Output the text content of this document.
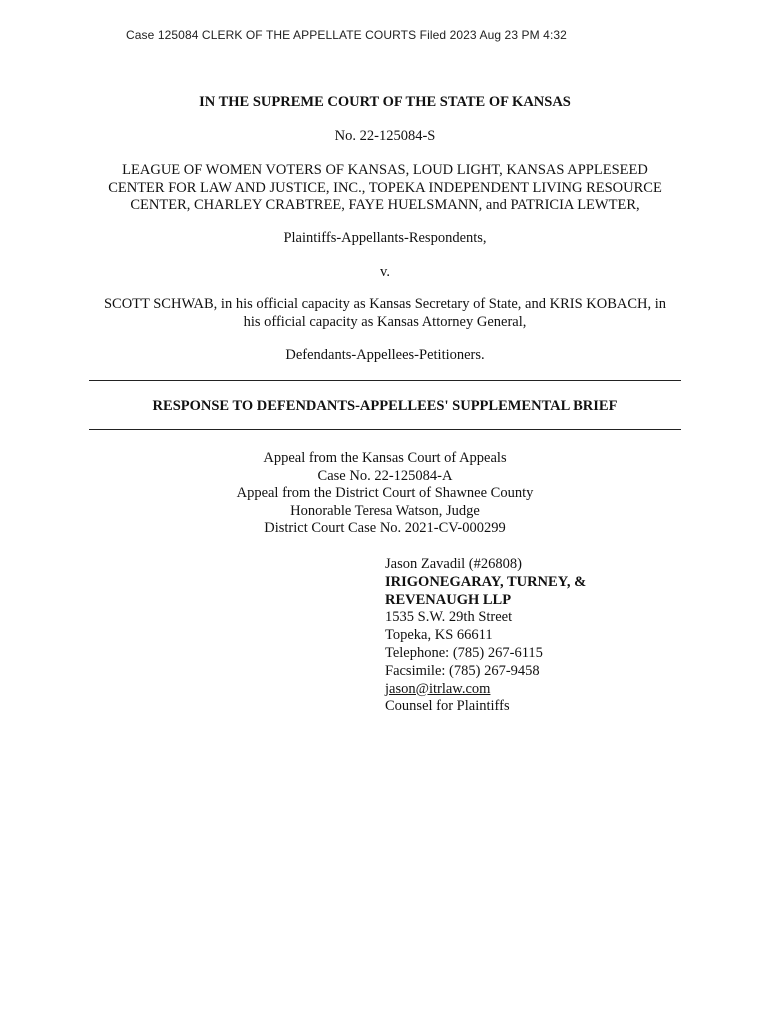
Case 125084 CLERK OF THE APPELLATE COURTS Filed 2023 Aug 23 PM 4:32
IN THE SUPREME COURT OF THE STATE OF KANSAS
No. 22-125084-S
LEAGUE OF WOMEN VOTERS OF KANSAS, LOUD LIGHT, KANSAS APPLESEED
CENTER FOR LAW AND JUSTICE, INC., TOPEKA INDEPENDENT LIVING RESOURCE
CENTER, CHARLEY CRABTREE, FAYE HUELSMANN, and PATRICIA LEWTER,
Plaintiffs-Appellants-Respondents,
v.
SCOTT SCHWAB, in his official capacity as Kansas Secretary of State, and KRIS KOBACH, in
his official capacity as Kansas Attorney General,
Defendants-Appellees-Petitioners.
RESPONSE TO DEFENDANTS-APPELLEES' SUPPLEMENTAL BRIEF
Appeal from the Kansas Court of Appeals
Case No. 22-125084-A
Appeal from the District Court of Shawnee County
Honorable Teresa Watson, Judge
District Court Case No. 2021-CV-000299
Jason Zavadil (#26808)
IRIGONEGARAY, TURNEY, &
REVENAUGH LLP
1535 S.W. 29th Street
Topeka, KS 66611
Telephone: (785) 267-6115
Facsimile: (785) 267-9458
jason@itrlaw.com
Counsel for Plaintiffs
